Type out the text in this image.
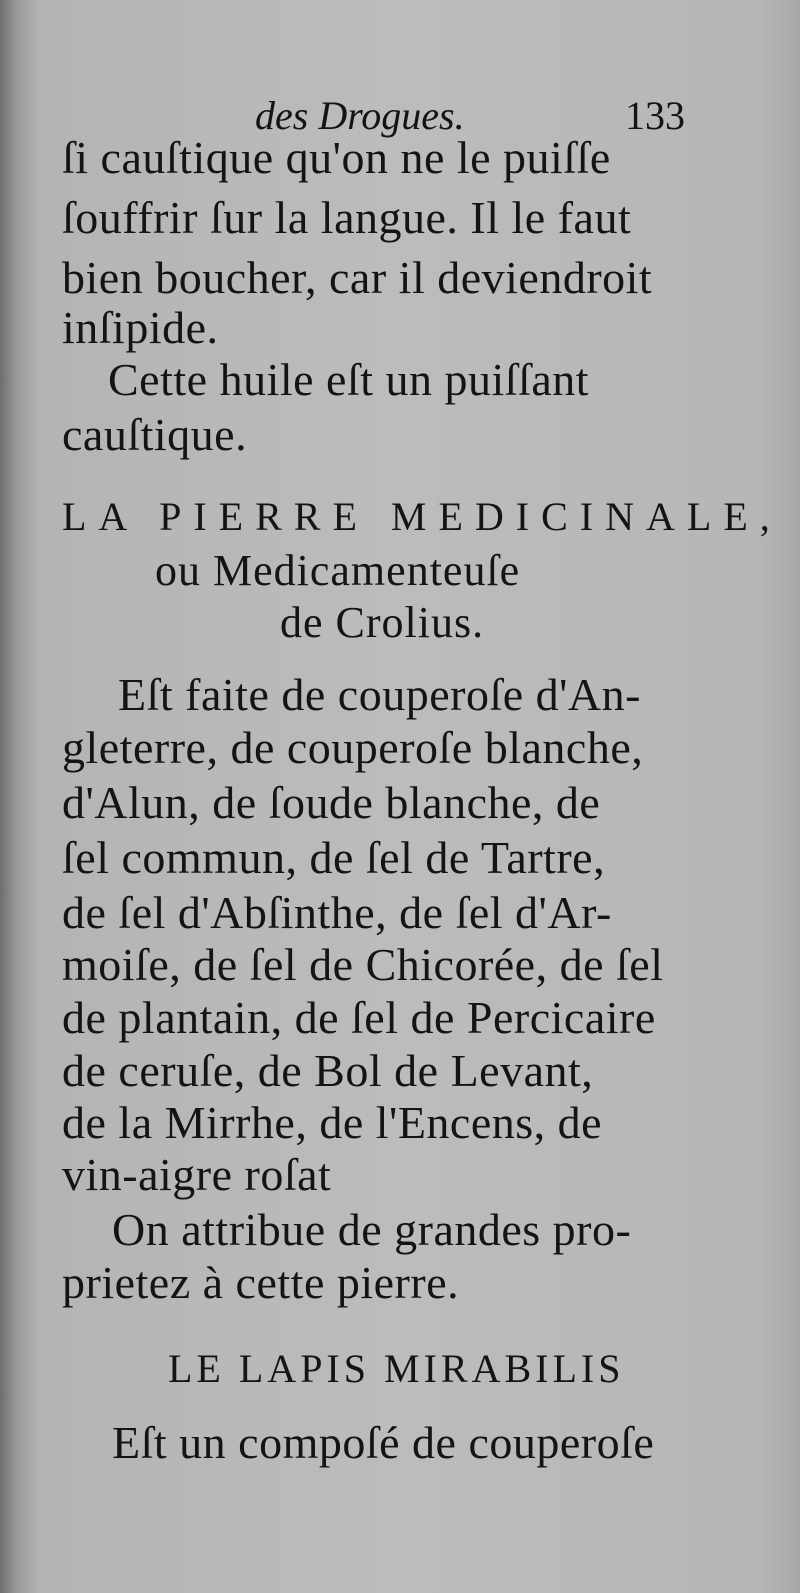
des Drogues.	133
ſi cauſtique qu'on ne le puiſſe
ſouffrir ſur la langue. Il le faut
bien boucher, car il deviendroit
inſipide.
Cette huile eſt un puiſſant
cauſtique.
LA PIERRE MEDICINALE,
ou Medicamenteuſe
de Crolius.
Eſt faite de couperoſe d'An-
gleterre, de couperoſe blanche,
d'Alun, de ſoude blanche, de
ſel commun, de ſel de Tartre,
de ſel d'Abſinthe, de ſel d'Ar-
moiſe, de ſel de Chicorée, de ſel
de plantain, de ſel de Percicaire
de ceruſe, de Bol de Levant,
de la Mirrhe, de l'Encens, de
vin-aigre roſat
On attribue de grandes pro-
prietez à cette pierre.
LE LAPIS MIRABILIS
Eſt un compoſé de couperoſe
